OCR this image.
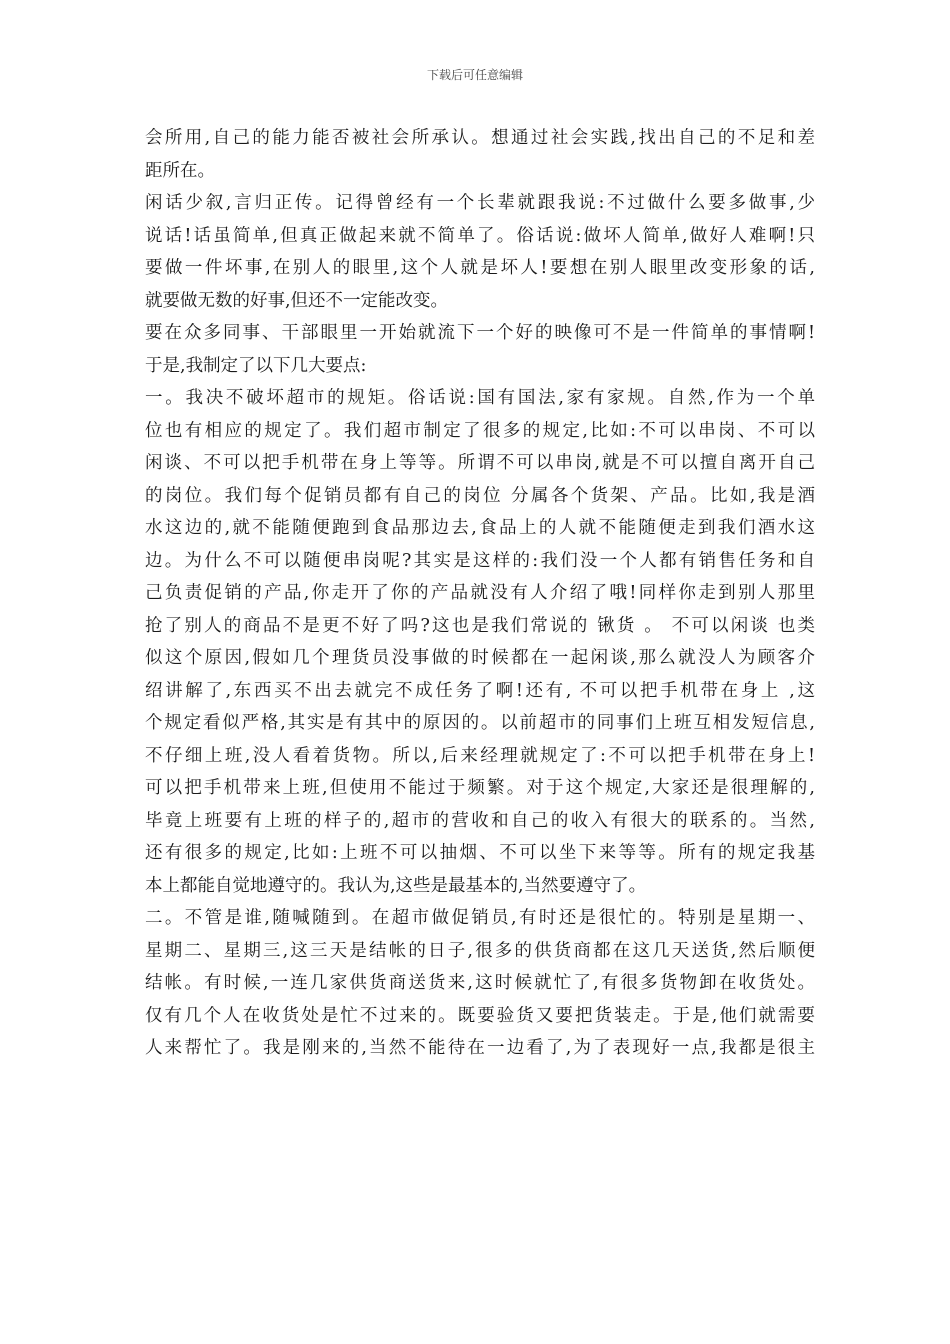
下载后可任意编辑
会所用,自己的能力能否被社会所承认。想通过社会实践,找出自己的不足和差
距所在。
闲话少叙,言归正传。记得曾经有一个长辈就跟我说:不过做什么要多做事,少
说话!话虽简单,但真正做起来就不简单了。俗话说:做坏人简单,做好人难啊!只
要做一件坏事,在别人的眼里,这个人就是坏人!要想在别人眼里改变形象的话,
就要做无数的好事,但还不一定能改变。
要在众多同事、干部眼里一开始就流下一个好的映像可不是一件简单的事情啊!
于是,我制定了以下几大要点:
一。我决不破坏超市的规矩。俗话说:国有国法,家有家规。自然,作为一个单
位也有相应的规定了。我们超市制定了很多的规定,比如:不可以串岗、不可以
闲谈、不可以把手机带在身上等等。所谓不可以串岗,就是不可以擅自离开自己
的岗位。我们每个促销员都有自己的岗位 分属各个货架、产品。比如,我是酒
水这边的,就不能随便跑到食品那边去,食品上的人就不能随便走到我们酒水这
边。为什么不可以随便串岗呢?其实是这样的:我们没一个人都有销售任务和自
己负责促销的产品,你走开了你的产品就没有人介绍了哦!同样你走到别人那里
抢了别人的商品不是更不好了吗?这也是我们常说的 锹货 。 不可以闲谈 也类
似这个原因,假如几个理货员没事做的时候都在一起闲谈,那么就没人为顾客介
绍讲解了,东西买不出去就完不成任务了啊!还有, 不可以把手机带在身上 ,这
个规定看似严格,其实是有其中的原因的。以前超市的同事们上班互相发短信息,
不仔细上班,没人看着货物。所以,后来经理就规定了:不可以把手机带在身上!
可以把手机带来上班,但使用不能过于频繁。对于这个规定,大家还是很理解的,
毕竟上班要有上班的样子的,超市的营收和自己的收入有很大的联系的。当然,
还有很多的规定,比如:上班不可以抽烟、不可以坐下来等等。所有的规定我基
本上都能自觉地遵守的。我认为,这些是最基本的,当然要遵守了。
二。不管是谁,随喊随到。在超市做促销员,有时还是很忙的。特别是星期一、
星期二、星期三,这三天是结帐的日子,很多的供货商都在这几天送货,然后顺便
结帐。有时候,一连几家供货商送货来,这时候就忙了,有很多货物卸在收货处。
仅有几个人在收货处是忙不过来的。既要验货又要把货装走。于是,他们就需要
人来帮忙了。我是刚来的,当然不能待在一边看了,为了表现好一点,我都是很主
